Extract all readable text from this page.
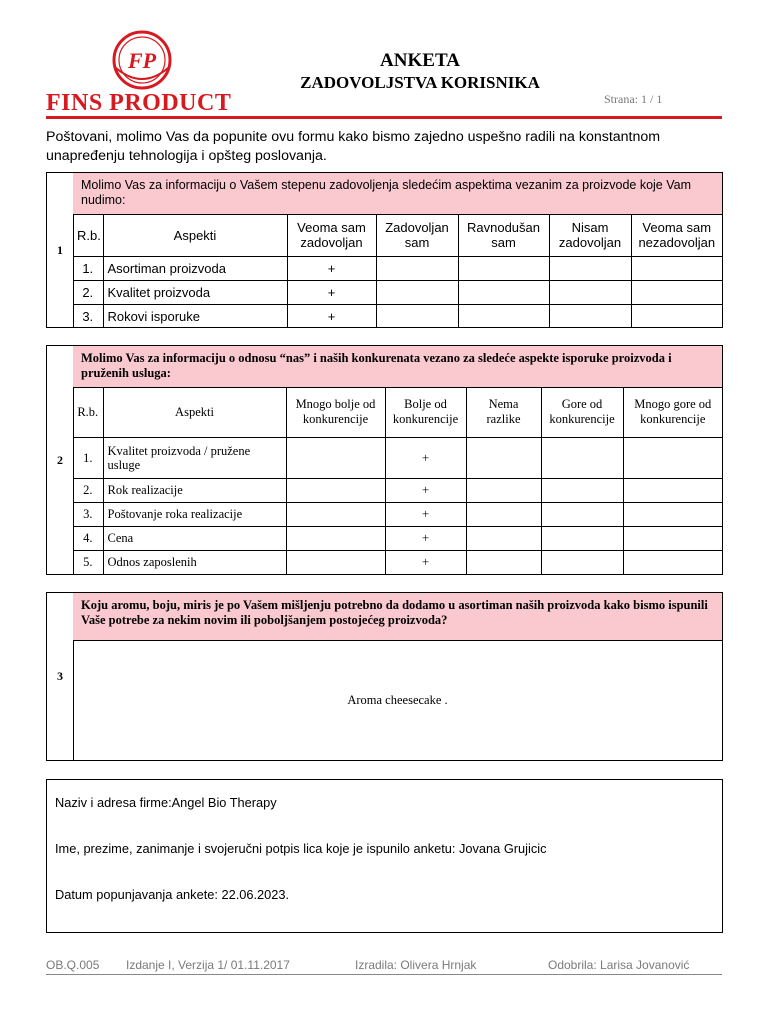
FP
FINS PRODUCT
ANKETA
ZADOVOLJSTVA KORISNIKA
Strana: 1 / 1
Poštovani, molimo Vas da popunite ovu formu kako bismo zajedno uspešno radili na konstantnom unapređenju tehnologija i opšteg poslovanja.
1
Molimo Vas za informaciju o Vašem stepenu zadovoljenja sledećim aspektima vezanim za proizvode koje Vam nudimo:
R.b.	Aspekti	Veoma sam zadovoljan	Zadovoljan sam	Ravnodušan sam	Nisam zadovoljan	Veoma sam nezadovoljan
1.	Asortiman proizvoda	+				
2.	Kvalitet proizvoda	+				
3.	Rokovi isporuke	+				
2
Molimo Vas za informaciju o odnosu “nas” i naših konkurenata vezano za sledeće aspekte isporuke proizvoda i pruženih usluga:
R.b.	Aspekti	Mnogo bolje od konkurencije	Bolje od konkurencije	Nema razlike	Gore od konkurencije	Mnogo gore od konkurencije
1.	Kvalitet proizvoda / pružene usluge		+			
2.	Rok realizacije		+			
3.	Poštovanje roka realizacije		+			
4.	Cena		+			
5.	Odnos zaposlenih		+			
3
Koju aromu, boju, miris je po Vašem mišljenju potrebno da dodamo u asortiman naših proizvoda kako bismo ispunili Vaše potrebe za nekim novim ili poboljšanjem postojećeg proizvoda?
Aroma cheesecake .
Naziv i adresa firme:Angel Bio Therapy
Ime, prezime, zanimanje i svojeručni potpis lica koje je ispunilo anketu: Jovana Grujicic
Datum popunjavanja ankete: 22.06.2023.
OB.Q.005 Izdanje I, Verzija 1/ 01.11.2017	Izradila: Olivera Hrnjak	Odobrila: Larisa Jovanović
